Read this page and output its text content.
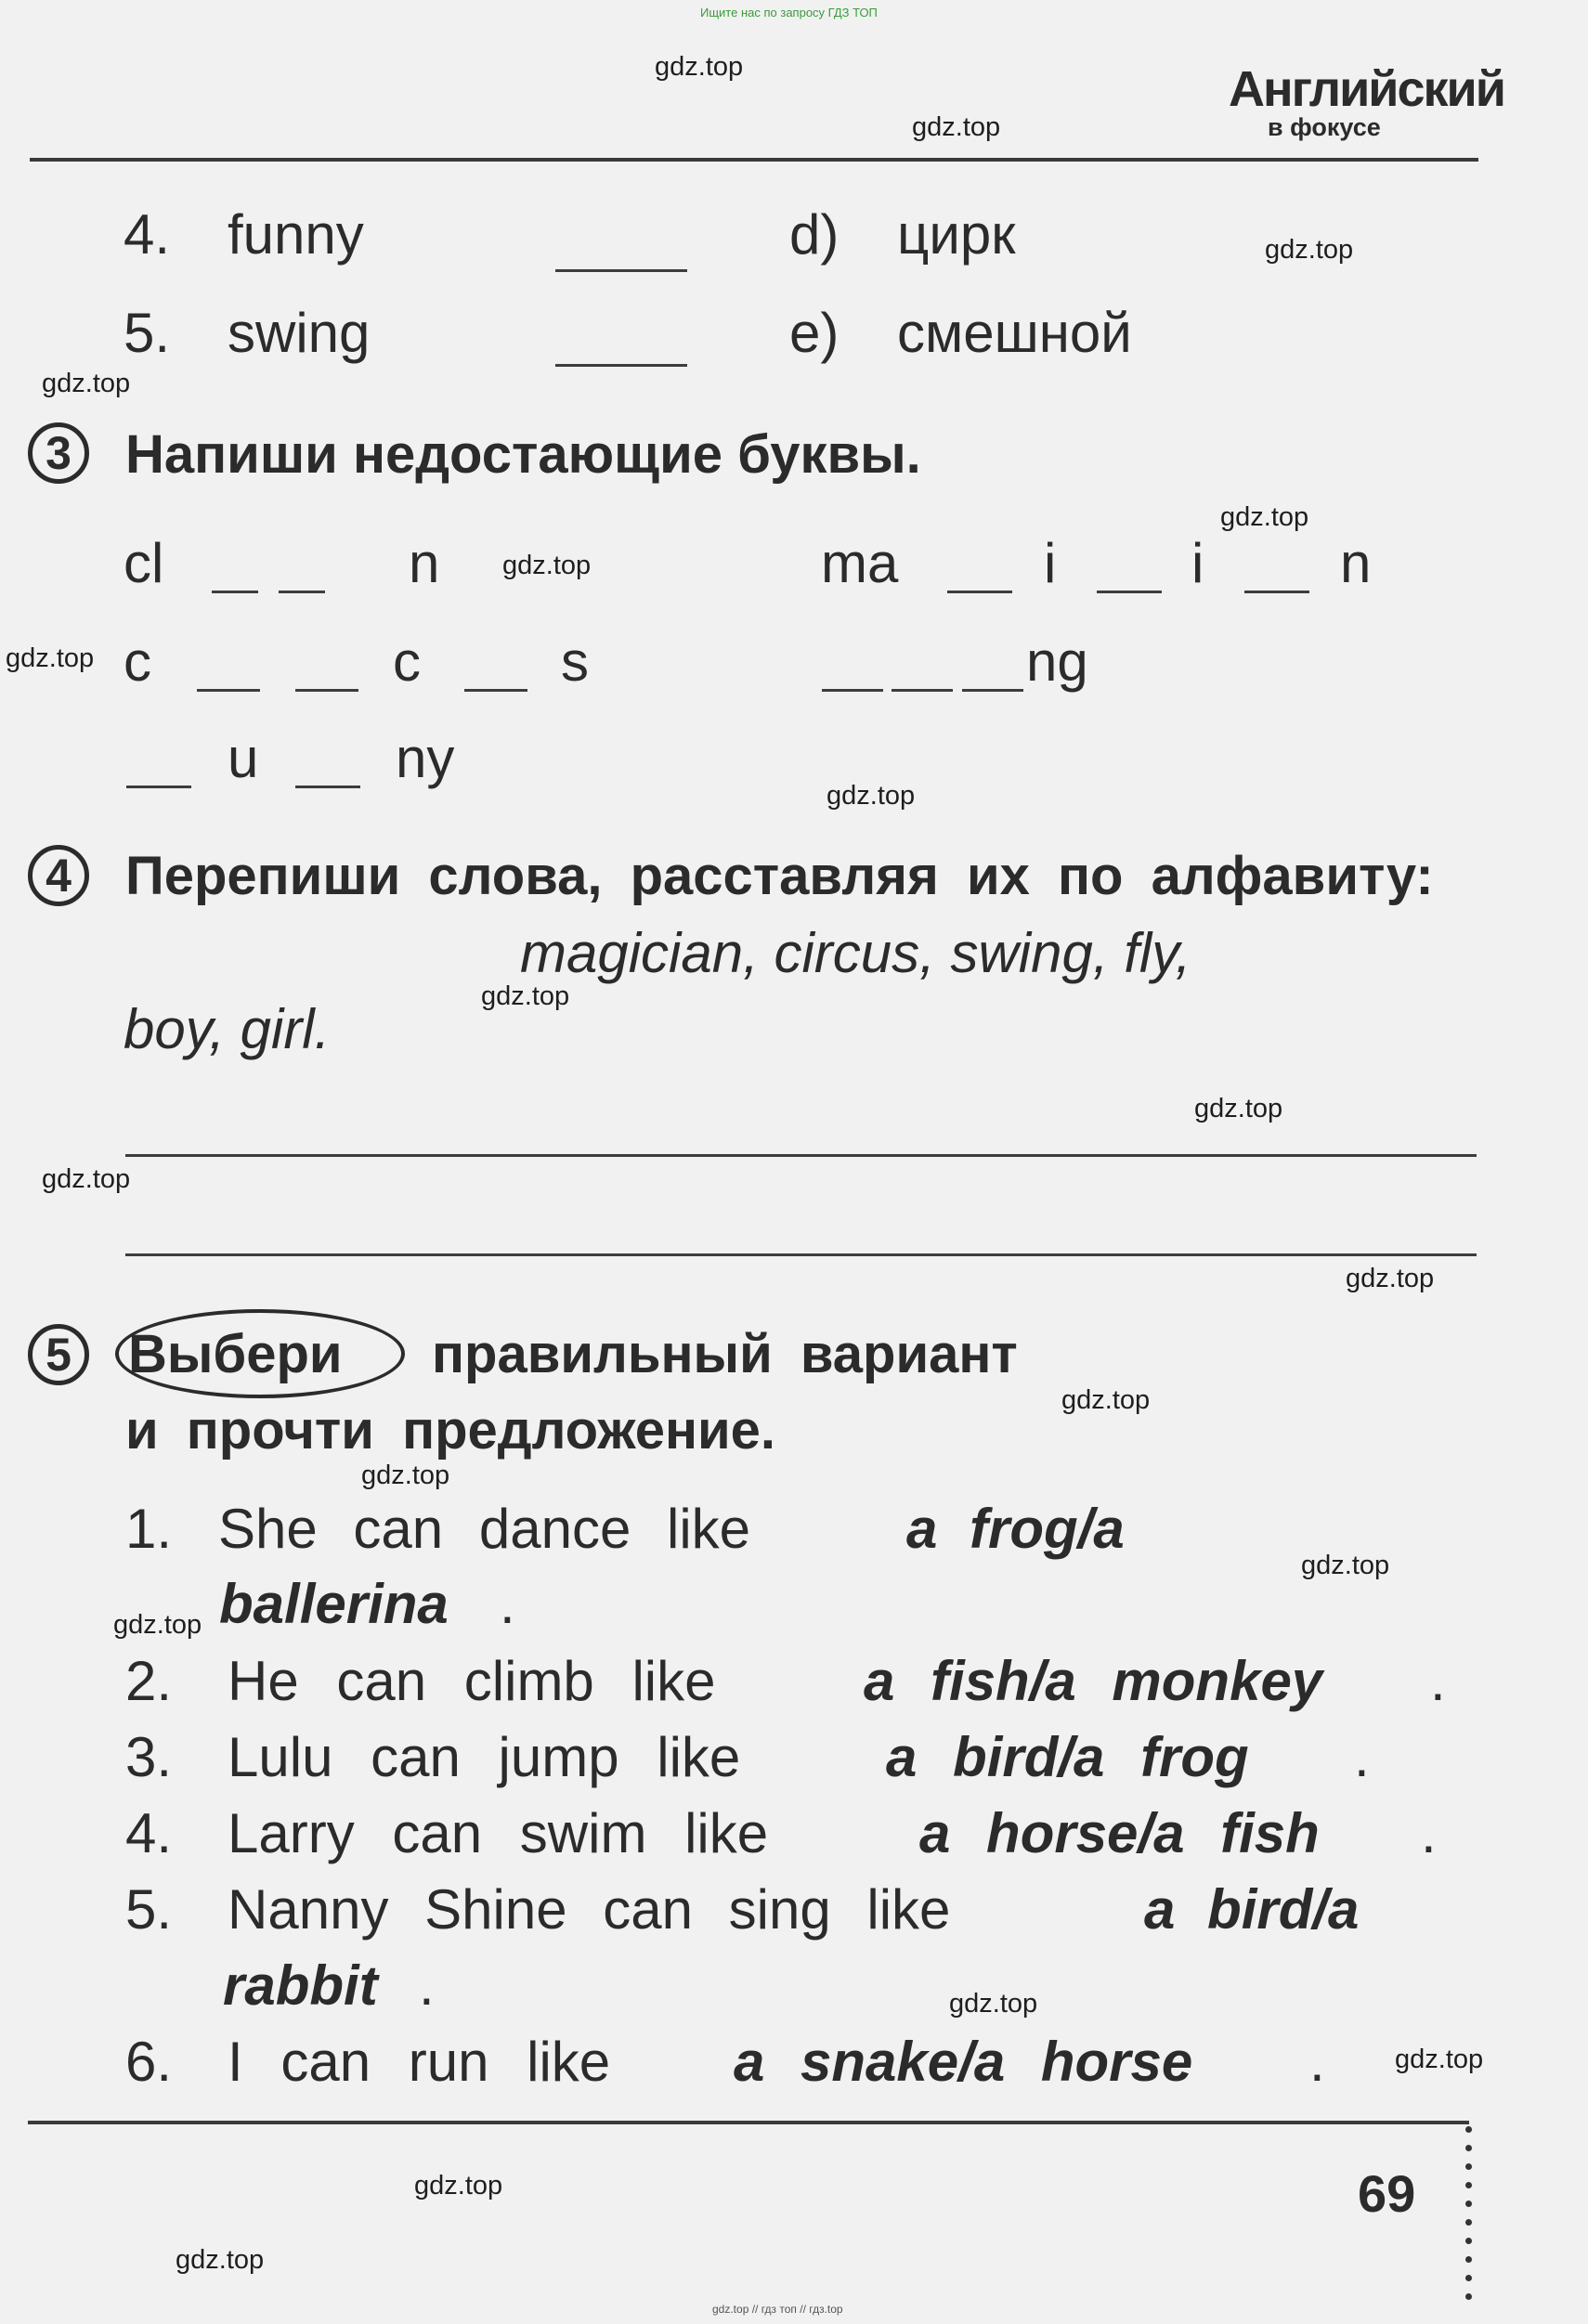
Ищите нас по запросу ГДЗ ТОП
gdz.top // гдз топ // гдз.top
Английский
в фокусе
4. funny	d) цирк
5. swing	e) смешной
3	Напиши недостающие буквы.
cl	n	ma	i i n
c	c	s	ng
u ny
4	Перепиши слова, расставляя их по алфавиту:
magician, circus, swing, fly,
boy, girl.
5	Выбери правильный вариант
и прочти предложение.
1. She can dance like	a frog/a
ballerina .
2. He can climb like	a fish/a monkey .
3. Lulu can jump like	a bird/a frog .
4. Larry can swim like	a horse/a fish .
5. Nanny Shine can sing like	a bird/a
rabbit .
6. I can run like a snake/a horse .
69
gdz.top
gdz.top
gdz.top
gdz.top
gdz.top
gdz.top
gdz.top
gdz.top
gdz.top
gdz.top
gdz.top
gdz.top
gdz.top
gdz.top
gdz.top
gdz.top
gdz.top
gdz.top
gdz.top
gdz.top
